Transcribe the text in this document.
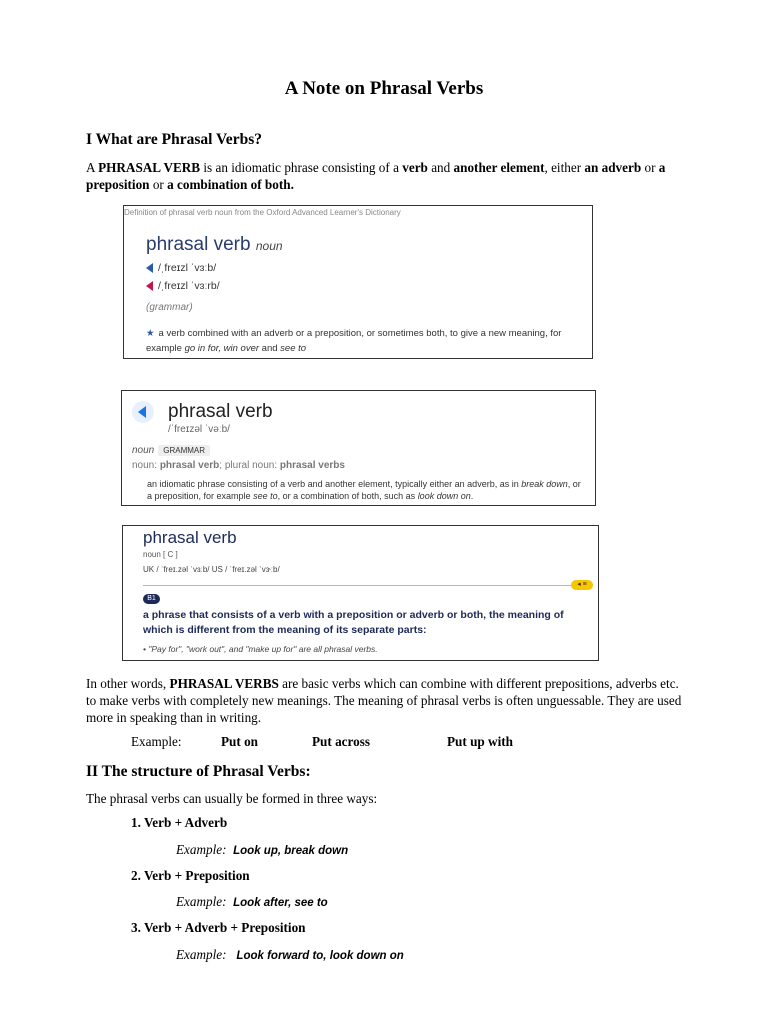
A Note on Phrasal Verbs
I What are Phrasal Verbs?
A PHRASAL VERB is an idiomatic phrase consisting of a verb and another element, either an adverb or a preposition or a combination of both.
Definition of phrasal verb noun from the Oxford Advanced Learner's Dictionary
phrasal verb noun
/ˌfreɪzl ˈvɜːb/
/ˌfreɪzl ˈvɜːrb/
(grammar)
★ a verb combined with an adverb or a preposition, or sometimes both, to give a new meaning, for example go in for, win over and see to
phrasal verb
/ˈfreɪzəl ˈvəːb/
noun GRAMMAR
noun: phrasal verb; plural noun: phrasal verbs
an idiomatic phrase consisting of a verb and another element, typically either an adverb, as in break down, or a preposition, for example see to, or a combination of both, such as look down on.
phrasal verb
noun [ C ]
UK / ˈfreɪ.zəl ˈvɜːb/ US / ˈfreɪ.zəl ˈvɝːb/
◂ ≡
B1
a phrase that consists of a verb with a preposition or adverb or both, the meaning of which is different from the meaning of its separate parts:
• "Pay for", "work out", and "make up for" are all phrasal verbs.
In other words, PHRASAL VERBS are basic verbs which can combine with different prepositions, adverbs etc. to make verbs with completely new meanings. The meaning of phrasal verbs is often unguessable. They are used more in speaking than in writing.
Example:	Put on	Put across	Put up with
II The structure of Phrasal Verbs:
The phrasal verbs can usually be formed in three ways:
1. Verb + Adverb
Example: Look up, break down
2. Verb + Preposition
Example: Look after, see to
3. Verb + Adverb + Preposition
Example: Look forward to, look down on
